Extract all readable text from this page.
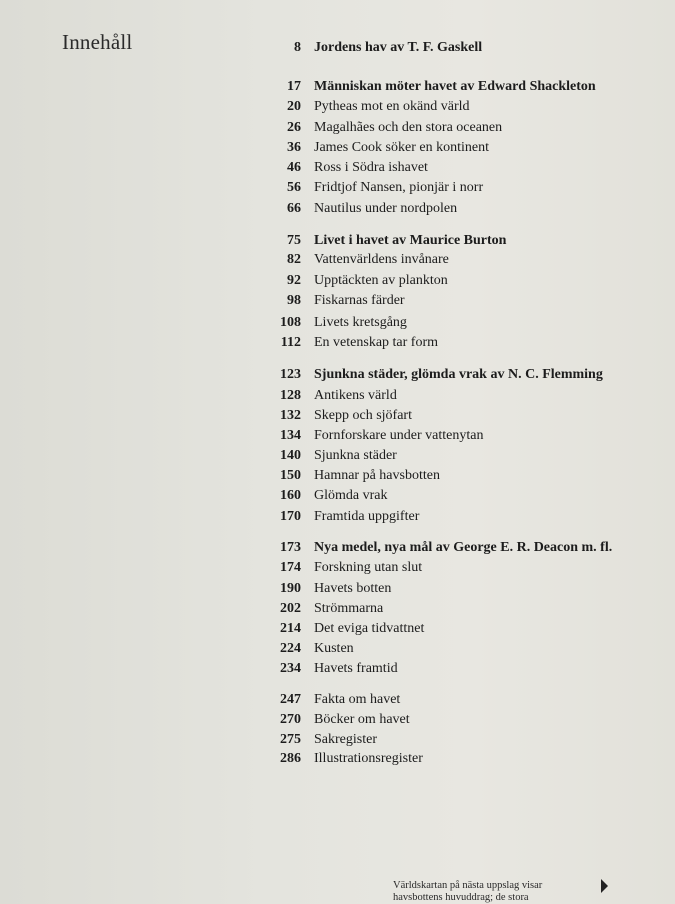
Innehåll	8 Jordens hav av T. F. Gaskell
17 Människan möter havet av Edward Shackleton
20 Pytheas mot en okänd värld
26 Magalhães och den stora oceanen
36 James Cook söker en kontinent
46 Ross i Södra ishavet
56 Fridtjof Nansen, pionjär i norr
66 Nautilus under nordpolen
75 Livet i havet av Maurice Burton
82 Vattenvärldens invånare
92 Upptäckten av plankton
98 Fiskarnas färder
108 Livets kretsgång
112 En vetenskap tar form
123 Sjunkna städer, glömda vrak av N. C. Flemming
128 Antikens värld
132 Skepp och sjöfart
134 Fornforskare under vattenytan
140 Sjunkna städer
150 Hamnar på havsbotten
160 Glömda vrak
170 Framtida uppgifter
173 Nya medel, nya mål av George E. R. Deacon m. fl.
174 Forskning utan slut
190 Havets botten
202 Strömmarna
214 Det eviga tidvattnet
224 Kusten
234 Havets framtid
247 Fakta om havet
270 Böcker om havet
275 Sakregister
286 Illustrationsregister
Världskartan på nästa uppslag visar
havsbottens huvuddrag; de stora
